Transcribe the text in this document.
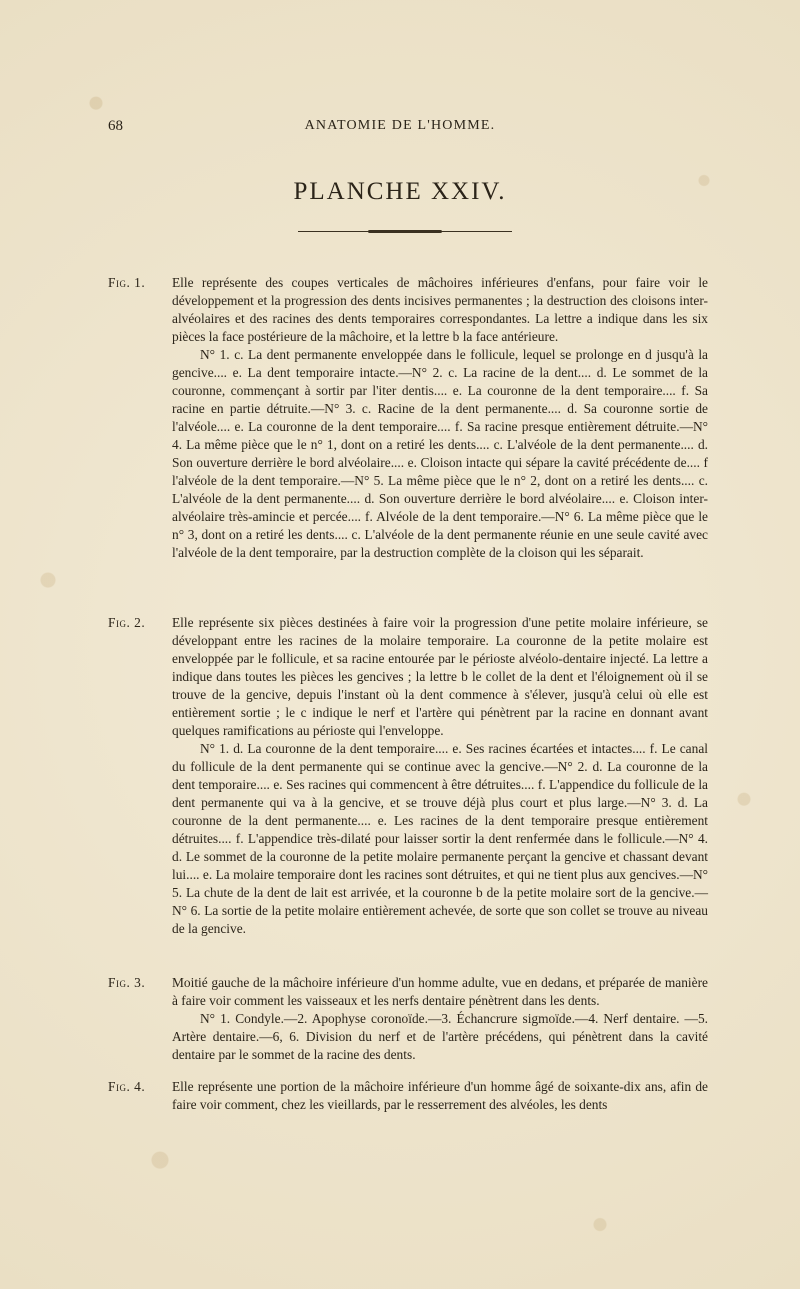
68	ANATOMIE DE L'HOMME.
PLANCHE XXIV.
Fig. 1. Elle représente des coupes verticales de mâchoires inférieures d'enfans, pour faire voir le développement et la progression des dents incisives permanentes ; la destruction des cloisons inter-alvéolaires et des racines des dents temporaires correspondantes. La lettre a indique dans les six pièces la face postérieure de la mâchoire, et la lettre b la face antérieure.

N° 1. c. La dent permanente enveloppée dans le follicule, lequel se prolonge en d jusqu'à la gencive.... e. La dent temporaire intacte.—N° 2. c. La racine de la dent.... d. Le sommet de la couronne, commençant à sortir par l'iter dentis.... e. La couronne de la dent temporaire.... f. Sa racine en partie détruite.—N° 3. c. Racine de la dent permanente.... d. Sa couronne sortie de l'alvéole.... e. La couronne de la dent temporaire.... f. Sa racine presque entièrement détruite.—N° 4. La même pièce que le n° 1, dont on a retiré les dents.... c. L'alvéole de la dent permanente.... d. Son ouverture derrière le bord alvéolaire.... e. Cloison intacte qui sépare la cavité précédente de.... f l'alvéole de la dent temporaire.—N° 5. La même pièce que le n° 2, dont on a retiré les dents.... c. L'alvéole de la dent permanente.... d. Son ouverture derrière le bord alvéolaire.... e. Cloison inter-alvéolaire très-amincie et percée.... f. Alvéole de la dent temporaire.—N° 6. La même pièce que le n° 3, dont on a retiré les dents.... c. L'alvéole de la dent permanente réunie en une seule cavité avec l'alvéole de la dent temporaire, par la destruction complète de la cloison qui les séparait.

Fig. 2. Elle représente six pièces destinées à faire voir la progression d'une petite molaire inférieure, se développant entre les racines de la molaire temporaire. La couronne de la petite molaire est enveloppée par le follicule, et sa racine entourée par le périoste alvéolo-dentaire injecté. La lettre a indique dans toutes les pièces les gencives ; la lettre b le collet de la dent et l'éloignement où il se trouve de la gencive, depuis l'instant où la dent commence à s'élever, jusqu'à celui où elle est entièrement sortie ; le c indique le nerf et l'artère qui pénètrent par la racine en donnant avant quelques ramifications au périoste qui l'enveloppe.

N° 1. d. La couronne de la dent temporaire.... e. Ses racines écartées et intactes.... f. Le canal du follicule de la dent permanente qui se continue avec la gencive.—N° 2. d. La couronne de la dent temporaire.... e. Ses racines qui commencent à être détruites.... f. L'appendice du follicule de la dent permanente qui va à la gencive, et se trouve déjà plus court et plus large.—N° 3. d. La couronne de la dent permanente.... e. Les racines de la dent temporaire presque entièrement détruites.... f. L'appendice très-dilaté pour laisser sortir la dent renfermée dans le follicule.—N° 4. d. Le sommet de la couronne de la petite molaire permanente perçant la gencive et chassant devant lui.... e. La molaire temporaire dont les racines sont détruites, et qui ne tient plus aux gencives.—N° 5. La chute de la dent de lait est arrivée, et la couronne b de la petite molaire sort de la gencive.—N° 6. La sortie de la petite molaire entièrement achevée, de sorte que son collet se trouve au niveau de la gencive.

Fig. 3. Moitié gauche de la mâchoire inférieure d'un homme adulte, vue en dedans, et préparée de manière à faire voir comment les vaisseaux et les nerfs dentaire pénètrent dans les dents.

N° 1. Condyle.—2. Apophyse coronoïde.—3. Échancrure sigmoïde.—4. Nerf dentaire. —5. Artère dentaire.—6, 6. Division du nerf et de l'artère précédens, qui pénètrent dans la cavité dentaire par le sommet de la racine des dents.

Fig. 4. Elle représente une portion de la mâchoire inférieure d'un homme âgé de soixante-dix ans, afin de faire voir comment, chez les vieillards, par le resserrement des alvéoles, les dents
